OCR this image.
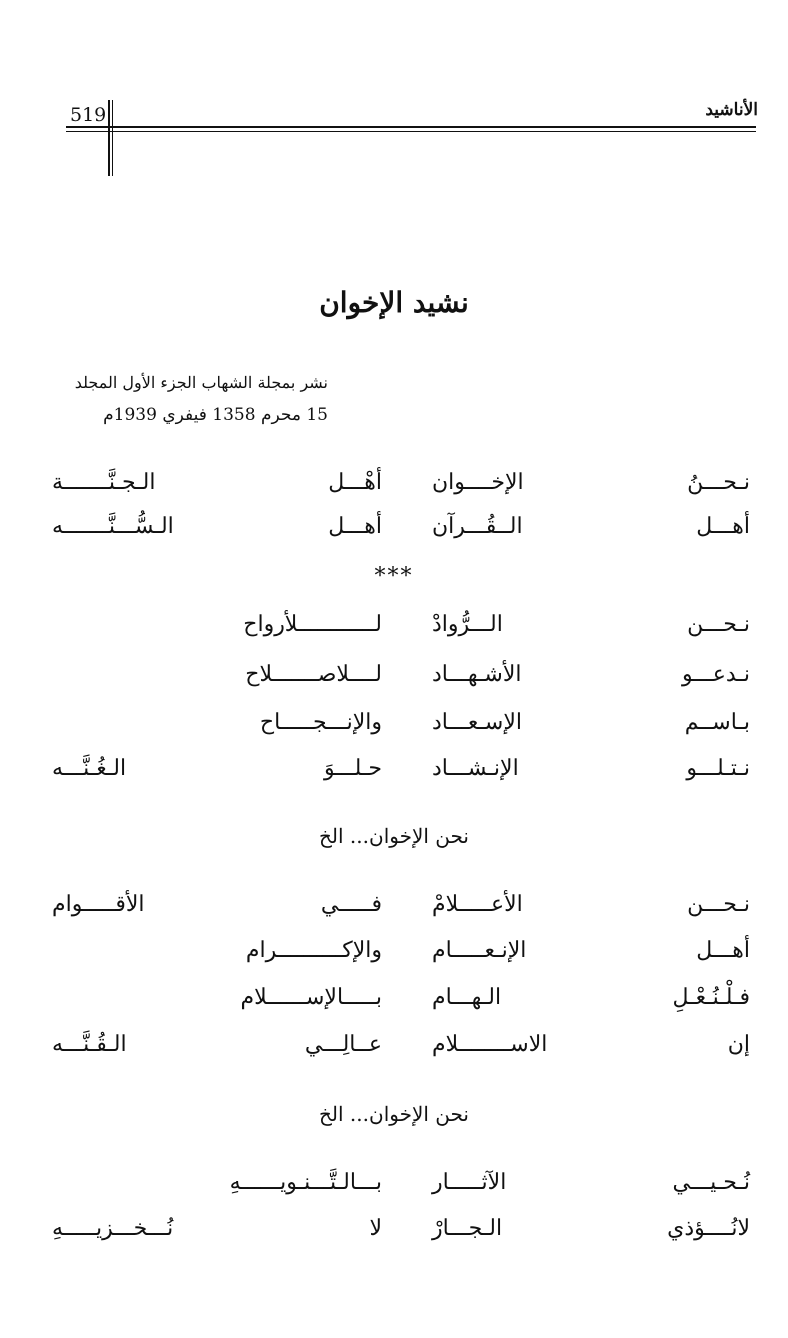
519	الأناشيد
نشيد الإخوان
نشر بمجلة الشهاب الجزء الأول المجلد
15 محرم 1358 فيفري 1939م
نـحـــنُ الإخــــوان
أهْـــل الـجـنَّـــــــة
أهـــل الــقُـــرآن
أهـــل الـسُّـــنَّـــــــه
***
نـحـــن الـــرُّوادْ
لــــــــــــلأرواح
نـدعـــو الأشـهـــاد
لــــلاصـــــــلاح
بـاســم الإسـعـــاد
والإنـــجـــــاح
نـتـلـــو الإنـشـــاد
حـلـــوَ الـغُـنَّـــه
نحن الإخوان... الخ
نـحـــن الأعـــــلامْ
فـــــي الأقـــــوام
أهـــل الإنـعـــــام
والإكــــــــــرام
فـلْـنُـعْـلِ الـهـــام
بـــــالإســــــلام
إن الاســــــــلام
عــالِـــي الـقُـنَّـــه
نحن الإخوان... الخ
نُـحـيـــي الآثـــــار
بـــالـتَّـــنـويــــــهِ
لانُــــؤذي الـجـــارْ
لا نُـــخـــزيـــــهِ
